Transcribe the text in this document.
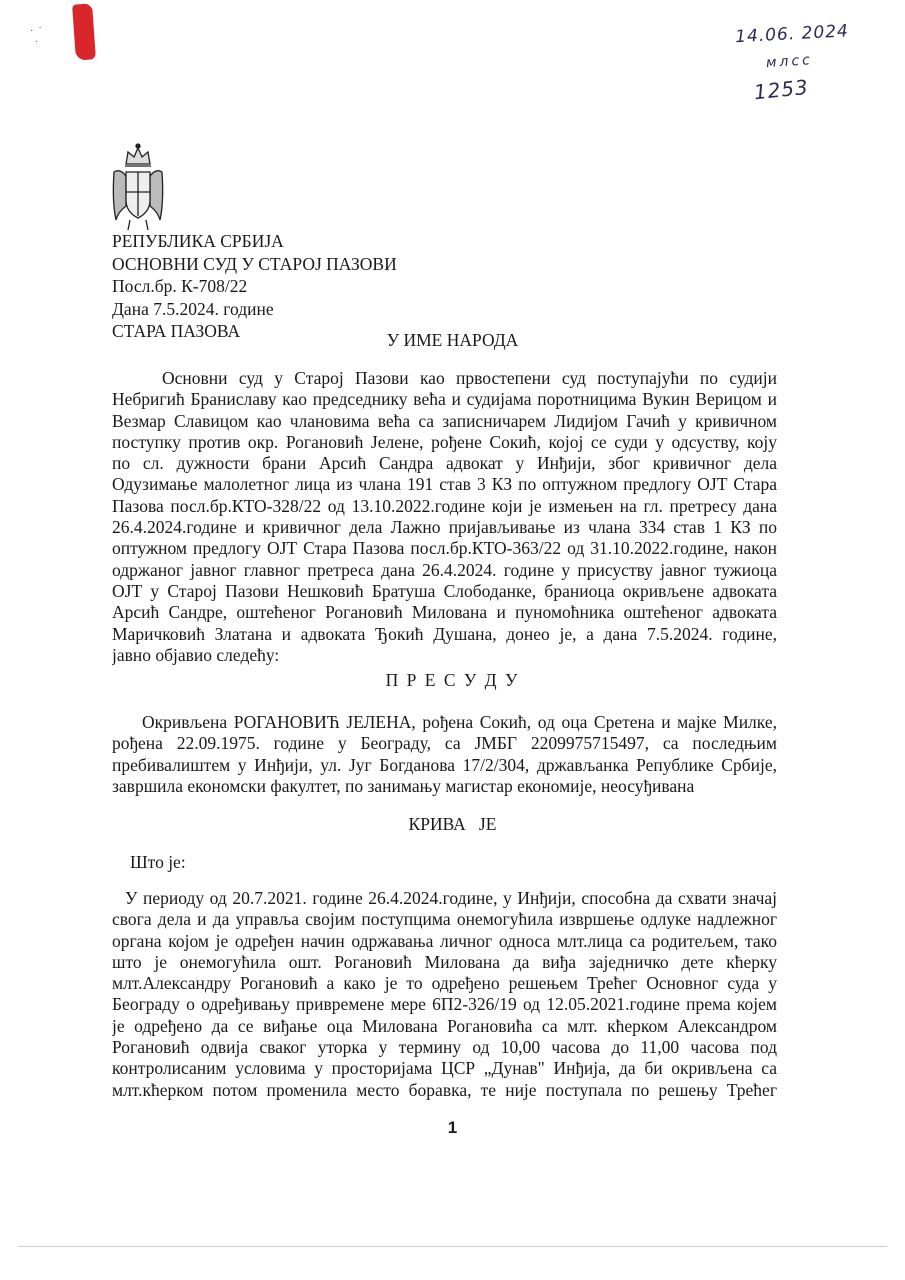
·  ˙
·	14.06. 2024
млсс
1253
РЕПУБЛИКА СРБИЈА
ОСНОВНИ СУД У СТАРОЈ ПАЗОВИ
Посл.бр. К-708/22
Дана 7.5.2024. године
СТАРА ПАЗОВА	У ИМЕ НАРОДА
Основни суд у Старој Пазови као првостепени суд поступајући по судији
Небригић Браниславу као председнику већа и судијама поротницима Вукин Верицом и
Везмар Славицом као члановима већа са записничарем Лидијом Гачић у кривичном
поступку против окр. Рогановић Јелене, рођене Сокић, којој се суди у одсуству, коју
по сл. дужности брани Арсић Сандра адвокат у Инђији, због кривичног дела
Одузимање малолетног лица из члана 191 став 3 КЗ по оптужном предлогу ОЈТ Стара
Пазова посл.бр.КТО-328/22 од 13.10.2022.године који је измењен на гл. претресу дана
26.4.2024.године и кривичног дела Лажно пријављивање из члана 334 став 1 КЗ по
оптужном предлогу ОЈТ Стара Пазова посл.бр.КТО-363/22 од 31.10.2022.године, након
одржаног јавног главног претреса дана 26.4.2024. године у присуству јавног тужиоца
ОЈТ у Старој Пазови Нешковић Братуша Слободанке, браниоца окривљене адвоката
Арсић Сандре, оштећеног Рогановић Милована и пуномоћника оштећеног адвоката
Маричковић Златана и адвоката Ђокић Душана, донео је, а дана 7.5.2024. године,
јавно објавио следећу:
П Р Е С У Д У
Окривљена РОГАНОВИЋ ЈЕЛЕНА, рођена Сокић, од оца Сретена и мајке Милке,
рођена 22.09.1975. године у Београду, са ЈМБГ 2209975715497, са последњим
пребивалиштем у Инђији, ул. Југ Богданова 17/2/304, држављанка Републике Србије,
завршила економски факултет, по занимању магистар економије, неосуђивана
КРИВА   ЈЕ
Што је:
У периоду од 20.7.2021. године 26.4.2024.године, у Инђији, способна да схвати значај
свога дела и да управља својим поступцима онемогућила извршење одлуке надлежног
органа којом је одређен начин одржавања личног односа млт.лица са родитељем, тако
што је онемогућила ошт. Рогановић Милована да виђа заједничко дете кћерку
млт.Александру Рогановић а како је то одређено решењем Трећег Основног суда у
Београду о одређивању привремене мере 6П2-326/19 од 12.05.2021.године према којем
је одређено да се виђање оца Милована Рогановића са млт. кћерком Александром
Рогановић одвија сваког уторка у термину од 10,00 часова до 11,00 часова под
контролисаним условима у просторијама ЦСР „Дунав" Инђија, да би окривљена са
млт.кћерком потом променила место боравка, те није поступала по решењу Трећег
1
